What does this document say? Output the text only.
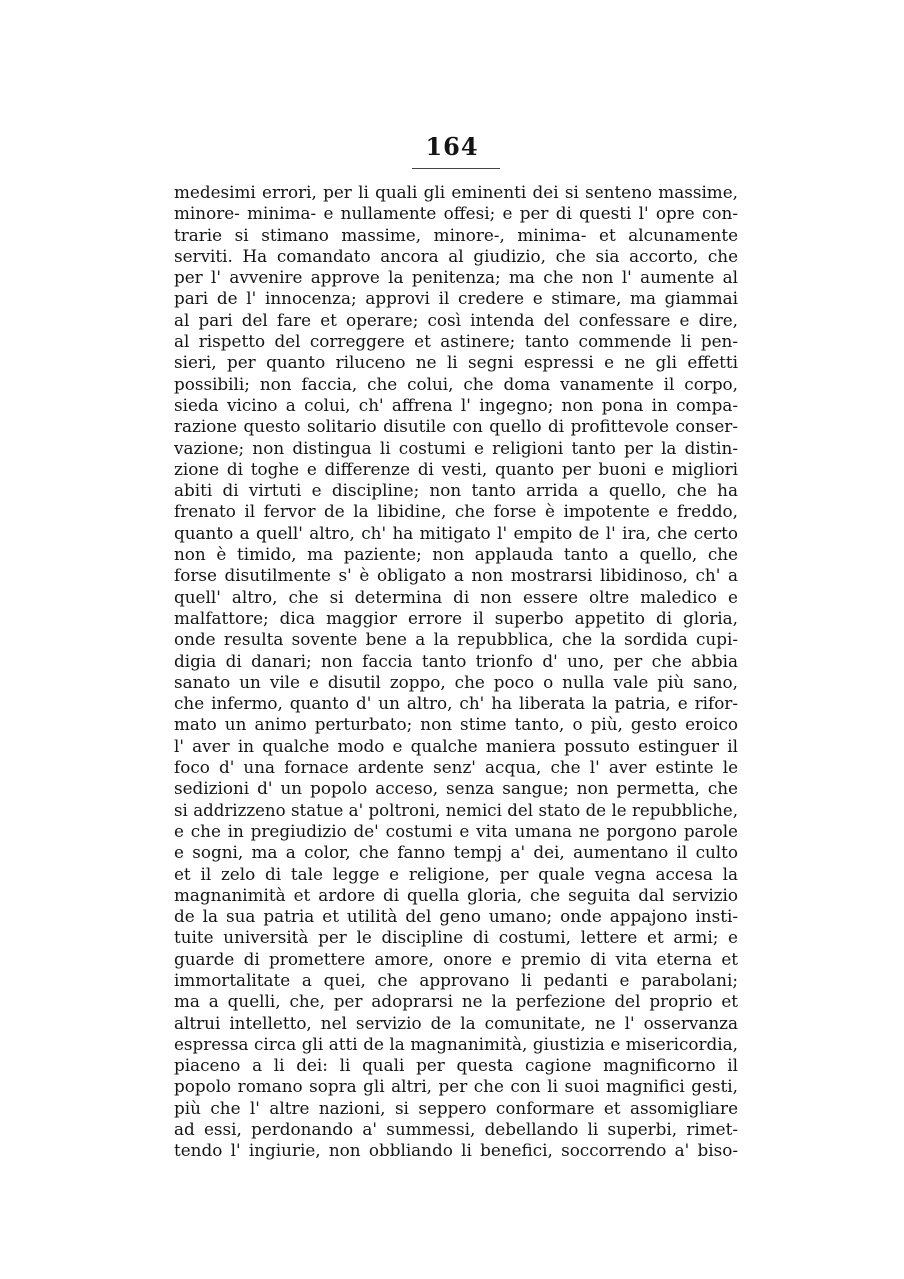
164
medesimi errori, per li quali gli eminenti dei si senteno massime,
minore- minima- e nullamente offesi; e per di questi l' opre con-
trarie si stimano massime, minore-, minima- et alcunamente
serviti. Ha comandato ancora al giudizio, che sia accorto, che
per l' avvenire approve la penitenza; ma che non l' aumente al
pari de l' innocenza; approvi il credere e stimare, ma giammai
al pari del fare et operare; così intenda del confessare e dire,
al rispetto del correggere et astinere; tanto commende li pen-
sieri, per quanto riluceno ne li segni espressi e ne gli effetti
possibili; non faccia, che colui, che doma vanamente il corpo,
sieda vicino a colui, ch' affrena l' ingegno; non pona in compa-
razione questo solitario disutile con quello di profittevole conser-
vazione; non distingua li costumi e religioni tanto per la distin-
zione di toghe e differenze di vesti, quanto per buoni e migliori
abiti di virtuti e discipline; non tanto arrida a quello, che ha
frenato il fervor de la libidine, che forse è impotente e freddo,
quanto a quell' altro, ch' ha mitigato l' empito de l' ira, che certo
non è timido, ma paziente; non applauda tanto a quello, che
forse disutilmente s' è obligato a non mostrarsi libidinoso, ch' a
quell' altro, che si determina di non essere oltre maledico e
malfattore; dica maggior errore il superbo appetito di gloria,
onde resulta sovente bene a la repubblica, che la sordida cupi-
digia di danari; non faccia tanto trionfo d' uno, per che abbia
sanato un vile e disutil zoppo, che poco o nulla vale più sano,
che infermo, quanto d' un altro, ch' ha liberata la patria, e rifor-
mato un animo perturbato; non stime tanto, o più, gesto eroico
l' aver in qualche modo e qualche maniera possuto estinguer il
foco d' una fornace ardente senz' acqua, che l' aver estinte le
sedizioni d' un popolo acceso, senza sangue; non permetta, che
si addrizzeno statue a' poltroni, nemici del stato de le repubbliche,
e che in pregiudizio de' costumi e vita umana ne porgono parole
e sogni, ma a color, che fanno tempj a' dei, aumentano il culto
et il zelo di tale legge e religione, per quale vegna accesa la
magnanimità et ardore di quella gloria, che seguita dal servizio
de la sua patria et utilità del geno umano; onde appajono insti-
tuite università per le discipline di costumi, lettere et armi; e
guarde di promettere amore, onore e premio di vita eterna et
immortalitate a quei, che approvano li pedanti e parabolani;
ma a quelli, che, per adoprarsi ne la perfezione del proprio et
altrui intelletto, nel servizio de la comunitate, ne l' osservanza
espressa circa gli atti de la magnanimità, giustizia e misericordia,
piaceno a li dei: li quali per questa cagione magnificorno il
popolo romano sopra gli altri, per che con li suoi magnifici gesti,
più che l' altre nazioni, si seppero conformare et assomigliare
ad essi, perdonando a' summessi, debellando li superbi, rimet-
tendo l' ingiurie, non obbliando li benefici, soccorrendo a' biso-
